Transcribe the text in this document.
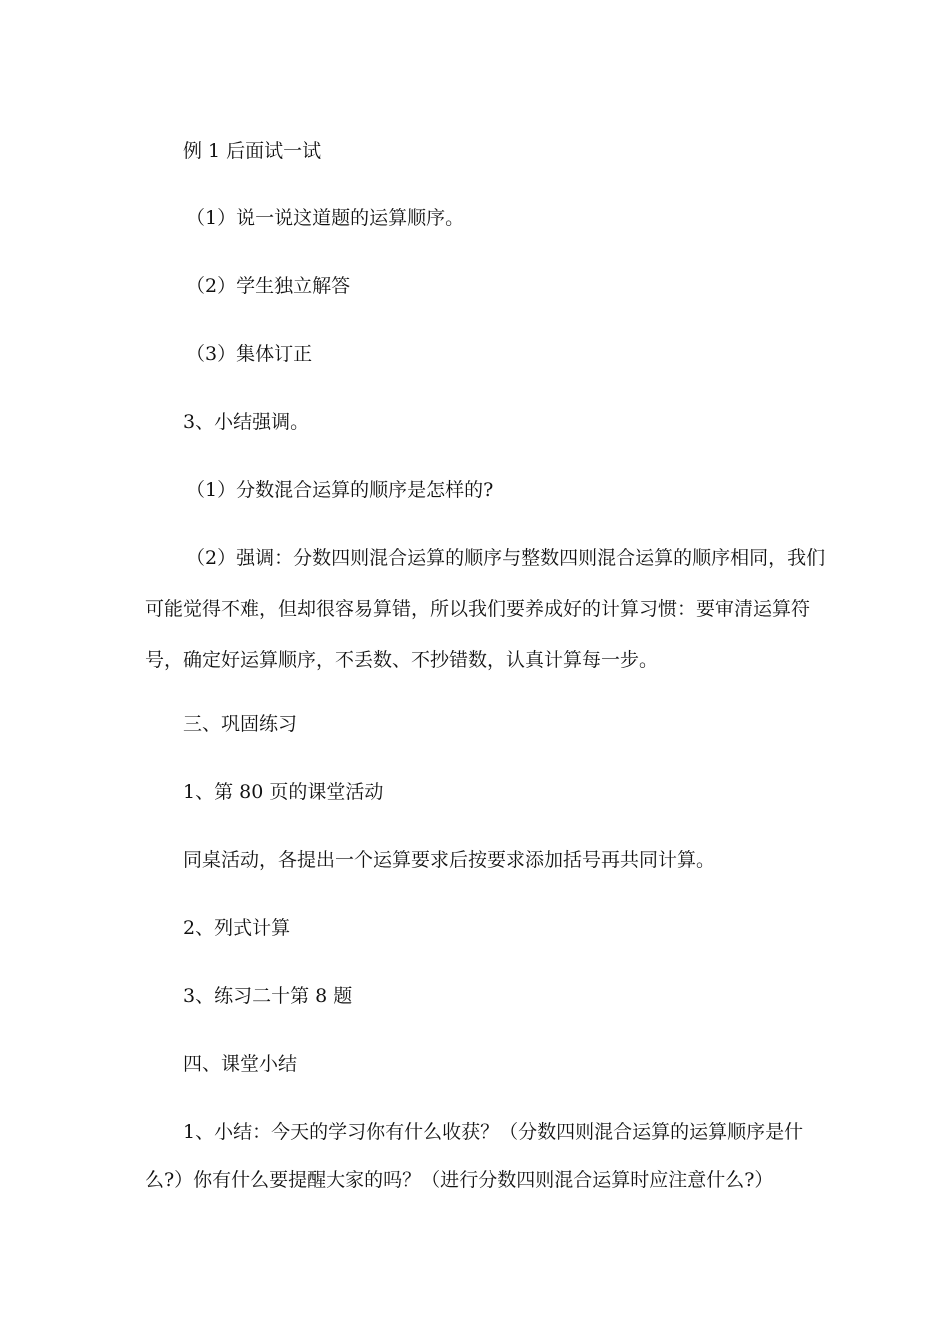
例 1 后面试一试
（1）说一说这道题的运算顺序。
（2）学生独立解答
（3）集体订正
3、小结强调。
（1）分数混合运算的顺序是怎样的?
（2）强调：分数四则混合运算的顺序与整数四则混合运算的顺序相同，我们
可能觉得不难，但却很容易算错，所以我们要养成好的计算习惯：要审清运算符
号，确定好运算顺序，不丢数、不抄错数，认真计算每一步。
三、巩固练习
1、第 80 页的课堂活动
同桌活动，各提出一个运算要求后按要求添加括号再共同计算。
2、列式计算
3、练习二十第 8 题
四、课堂小结
1、小结：今天的学习你有什么收获？（分数四则混合运算的运算顺序是什
么?）你有什么要提醒大家的吗？（进行分数四则混合运算时应注意什么?）
